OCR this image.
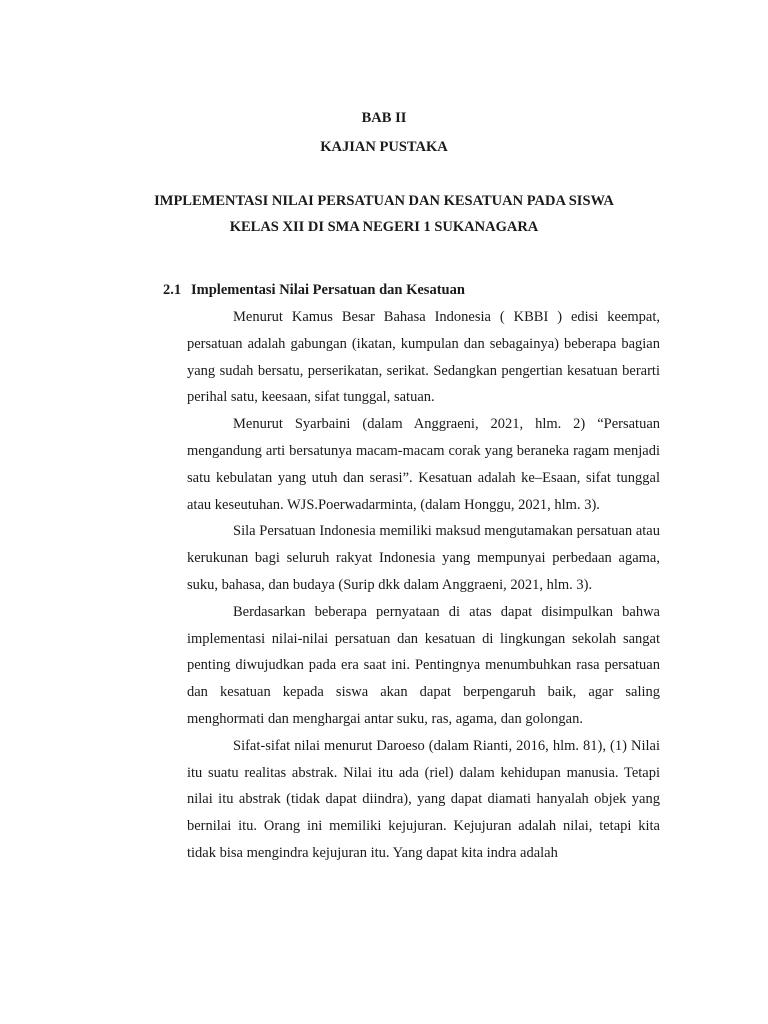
BAB II
KAJIAN PUSTAKA
IMPLEMENTASI NILAI PERSATUAN DAN KESATUAN PADA SISWA
KELAS XII DI SMA NEGERI 1 SUKANAGARA
2.1 Implementasi Nilai Persatuan dan Kesatuan

Menurut Kamus Besar Bahasa Indonesia ( KBBI ) edisi keempat, persatuan adalah gabungan (ikatan, kumpulan dan sebagainya) beberapa bagian yang sudah bersatu, perserikatan, serikat. Sedangkan pengertian kesatuan berarti perihal satu, keesaan, sifat tunggal, satuan.

Menurut Syarbaini (dalam Anggraeni, 2021, hlm. 2) “Persatuan mengandung arti bersatunya macam-macam corak yang beraneka ragam menjadi satu kebulatan yang utuh dan serasi”. Kesatuan adalah ke–Esaan, sifat tunggal atau keseutuhan. WJS.Poerwadarminta, (dalam Honggu, 2021, hlm. 3).

Sila Persatuan Indonesia memiliki maksud mengutamakan persatuan atau kerukunan bagi seluruh rakyat Indonesia yang mempunyai perbedaan agama, suku, bahasa, dan budaya (Surip dkk dalam Anggraeni, 2021, hlm. 3).

Berdasarkan beberapa pernyataan di atas dapat disimpulkan bahwa implementasi nilai-nilai persatuan dan kesatuan di lingkungan sekolah sangat penting diwujudkan pada era saat ini. Pentingnya menumbuhkan rasa persatuan dan kesatuan kepada siswa akan dapat berpengaruh baik, agar saling menghormati dan menghargai antar suku, ras, agama, dan golongan.

Sifat-sifat nilai menurut Daroeso (dalam Rianti, 2016, hlm. 81), (1) Nilai itu suatu realitas abstrak. Nilai itu ada (riel) dalam kehidupan manusia. Tetapi nilai itu abstrak (tidak dapat diindra), yang dapat diamati hanyalah objek yang bernilai itu. Orang ini memiliki kejujuran. Kejujuran adalah nilai, tetapi kita tidak bisa mengindra kejujuran itu. Yang dapat kita indra adalah
